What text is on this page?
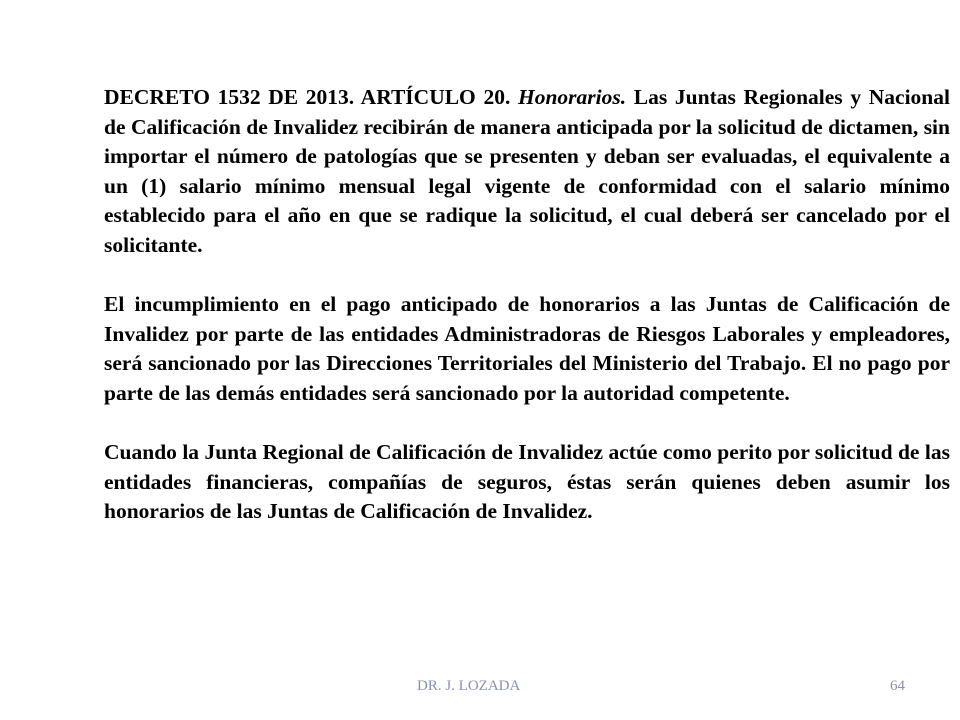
DECRETO 1532 DE 2013. ARTÍCULO 20. Honorarios. Las Juntas Regionales y Nacional de Calificación de Invalidez recibirán de manera anticipada por la solicitud de dictamen, sin importar el número de patologías que se presenten y deban ser evaluadas, el equivalente a un (1) salario mínimo mensual legal vigente de conformidad con el salario mínimo establecido para el año en que se radique la solicitud, el cual deberá ser cancelado por el solicitante.

El incumplimiento en el pago anticipado de honorarios a las Juntas de Calificación de Invalidez por parte de las entidades Administradoras de Riesgos Laborales y empleadores, será sancionado por las Direcciones Territoriales del Ministerio del Trabajo. El no pago por parte de las demás entidades será sancionado por la autoridad competente.

Cuando la Junta Regional de Calificación de Invalidez actúe como perito por solicitud de las entidades financieras, compañías de seguros, éstas serán quienes deben asumir los honorarios de las Juntas de Calificación de Invalidez.

DR. J. LOZADA	64
